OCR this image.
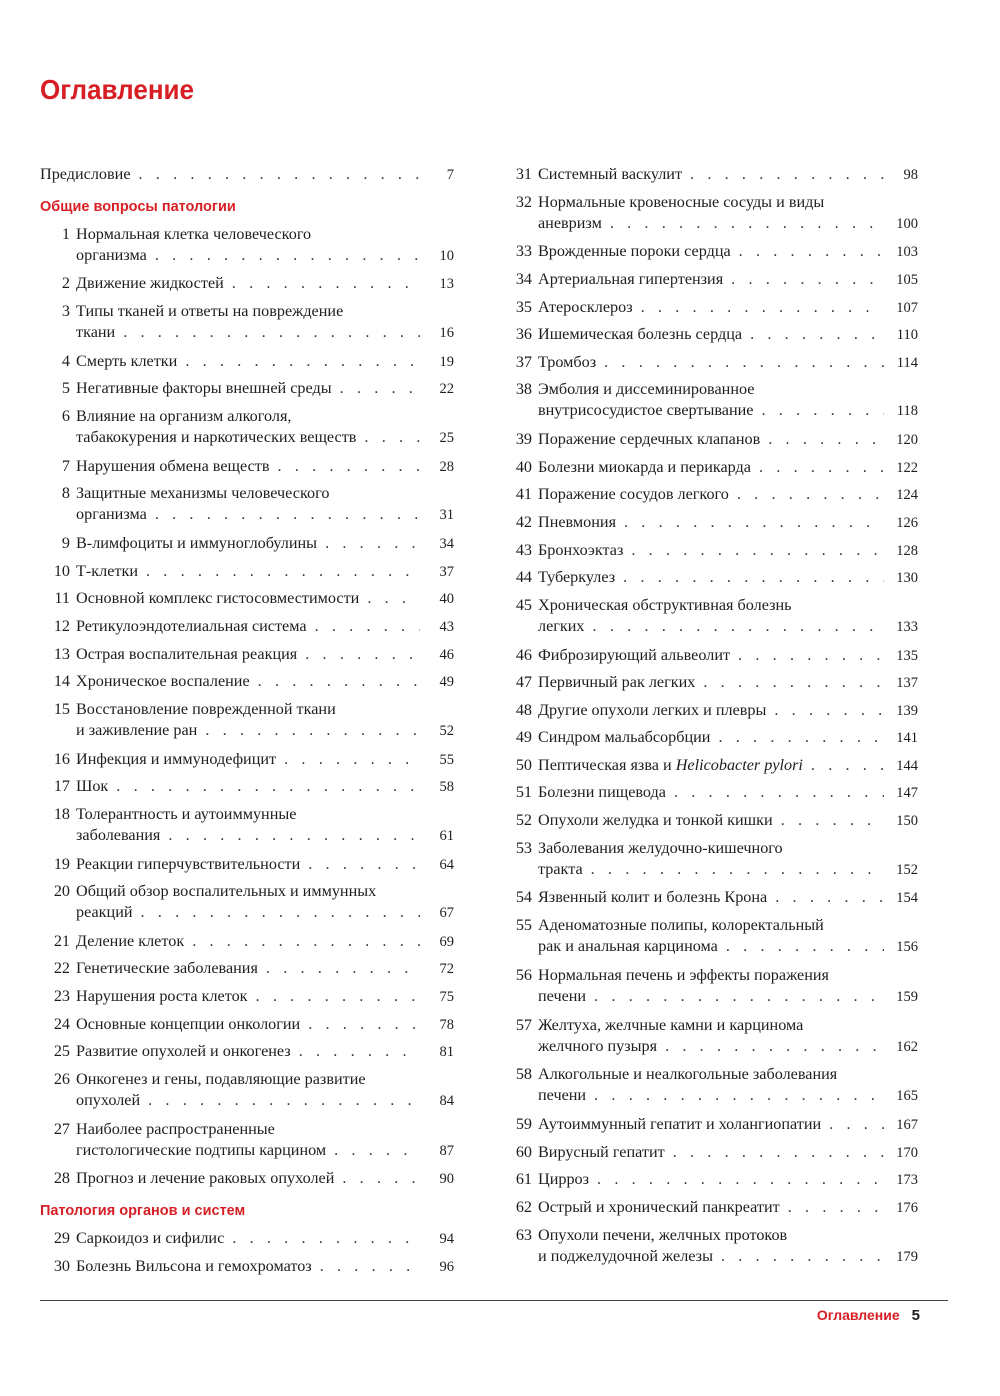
Оглавление
Предисловие . . .	7
Общие вопросы патологии
1 Нормальная клетка человеческого
организма . . .	10
2 Движение жидкостей . . .	13
3 Типы тканей и ответы на повреждение
ткани . . .	16
4 Смерть клетки . . .	19
5 Негативные факторы внешней среды . . .	22
6 Влияние на организм алкоголя,
табакокурения и наркотических веществ . . .	25
7 Нарушения обмена веществ . . .	28
8 Защитные механизмы человеческого
организма . . .	31
9 В-лимфоциты и иммуноглобулины . . .	34
10 Т-клетки . . .	37
11 Основной комплекс гистосовместимости . . .	40
12 Ретикулоэндотелиальная система . . .	43
13 Острая воспалительная реакция . . .	46
14 Хроническое воспаление . . .	49
15 Восстановление поврежденной ткани
и заживление ран . . .	52
16 Инфекция и иммунодефицит . . .	55
17 Шок . . .	58
18 Толерантность и аутоиммунные
заболевания . . .	61
19 Реакции гиперчувствительности . . .	64
20 Общий обзор воспалительных и иммунных
реакций . . .	67
21 Деление клеток . . .	69
22 Генетические заболевания . . .	72
23 Нарушения роста клеток . . .	75
24 Основные концепции онкологии . . .	78
25 Развитие опухолей и онкогенез . . .	81
26 Онкогенез и гены, подавляющие развитие
опухолей . . .	84
27 Наиболее распространенные
гистологические подтипы карцином . . .	87
28 Прогноз и лечение раковых опухолей . . .	90
Патология органов и систем
29 Саркоидоз и сифилис . . .	94
30 Болезнь Вильсона и гемохроматоз . . .	96
31 Системный васкулит . . .	98
32 Нормальные кровеносные сосуды и виды
аневризм . . .	100
33 Врожденные пороки сердца . . .	103
34 Артериальная гипертензия . . .	105
35 Атеросклероз . . .	107
36 Ишемическая болезнь сердца . . .	110
37 Тромбоз . . .	114
38 Эмболия и диссеминированное
внутрисосудистое свертывание . . .	118
39 Поражение сердечных клапанов . . .	120
40 Болезни миокарда и перикарда . . .	122
41 Поражение сосудов легкого . . .	124
42 Пневмония . . .	126
43 Бронхоэктаз . . .	128
44 Туберкулез . . .	130
45 Хроническая обструктивная болезнь
легких . . .	133
46 Фиброзирующий альвеолит . . .	135
47 Первичный рак легких . . .	137
48 Другие опухоли легких и плевры . . .	139
49 Синдром мальабсорбции . . .	141
50 Пептическая язва и Helicobacter pylori . . .	144
51 Болезни пищевода . . .	147
52 Опухоли желудка и тонкой кишки . . .	150
53 Заболевания желудочно-кишечного
тракта . . .	152
54 Язвенный колит и болезнь Крона . . .	154
55 Аденоматозные полипы, колоректальный
рак и анальная карцинома . . .	156
56 Нормальная печень и эффекты поражения
печени . . .	159
57 Желтуха, желчные камни и карцинома
желчного пузыря . . .	162
58 Алкогольные и неалкогольные заболевания
печени . . .	165
59 Аутоиммунный гепатит и холангиопатии . . .	167
60 Вирусный гепатит . . .	170
61 Цирроз . . .	173
62 Острый и хронический панкреатит . . .	176
63 Опухоли печени, желчных протоков
и поджелудочной железы . . .	179
Оглавление 5
